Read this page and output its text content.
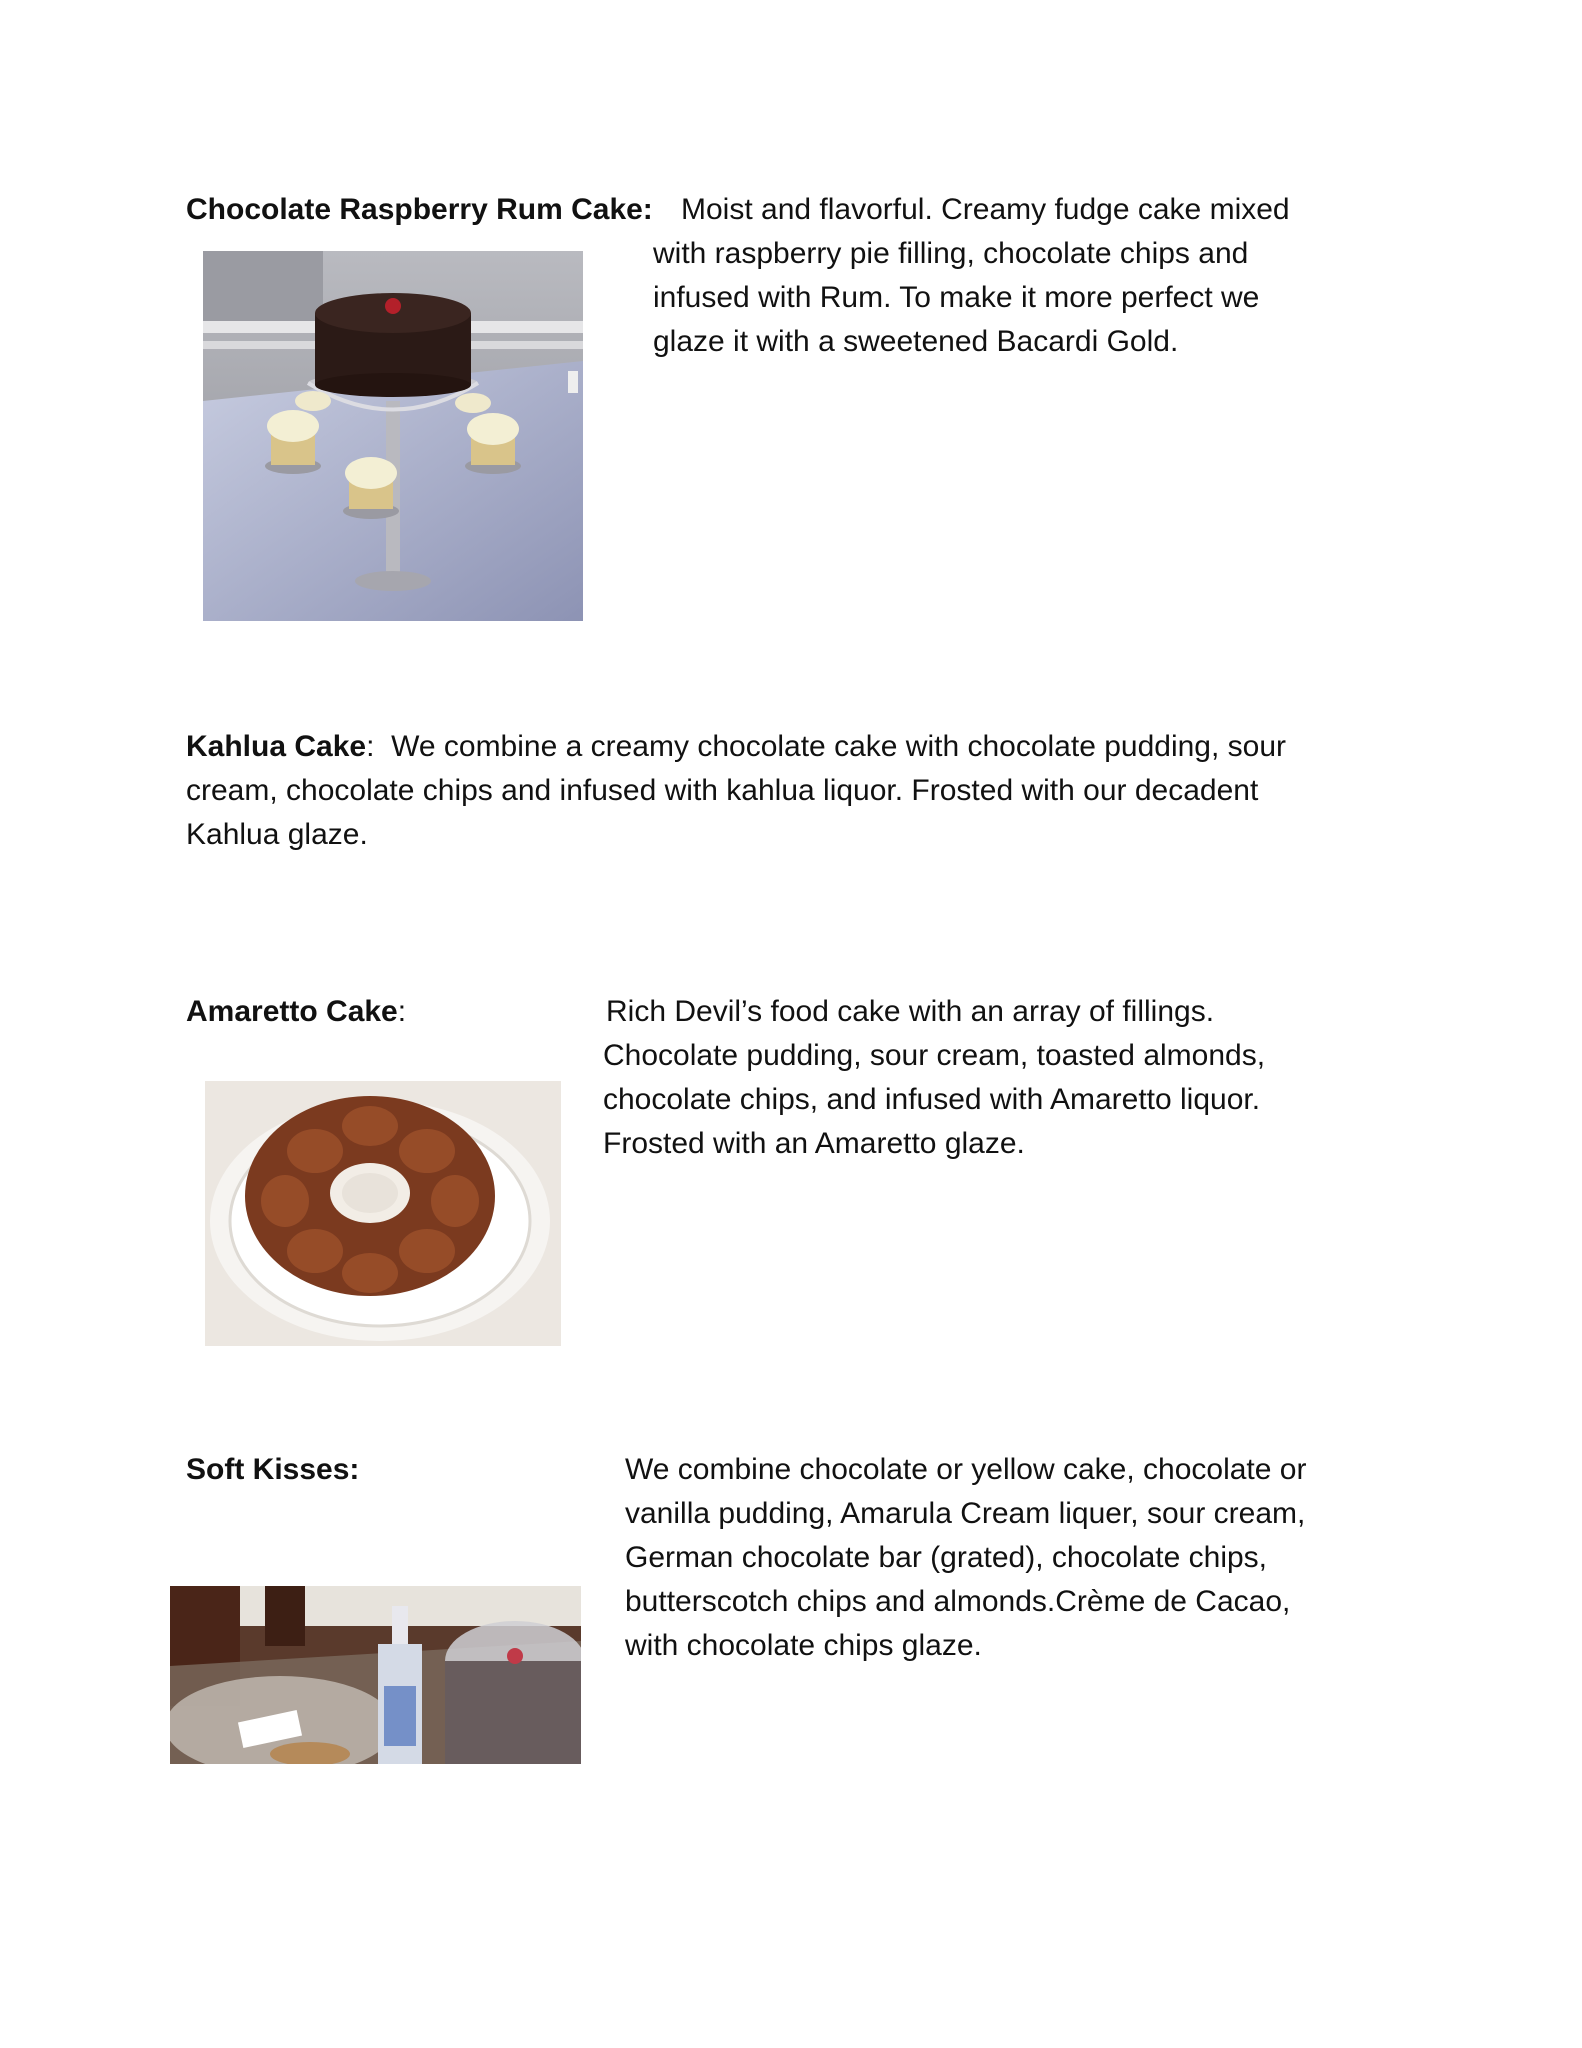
Chocolate Raspberry Rum Cake: Moist and flavorful. Creamy fudge cake mixed
with raspberry pie filling, chocolate chips and
infused with Rum. To make it more perfect we
glaze it with a sweetened Bacardi Gold.
Kahlua Cake: We combine a creamy chocolate cake with chocolate pudding, sour
cream, chocolate chips and infused with kahlua liquor. Frosted with our decadent
Kahlua glaze.
Amaretto Cake:	Rich Devil’s food cake with an array of fillings.
Chocolate pudding, sour cream, toasted almonds,
chocolate chips, and infused with Amaretto liquor.
Frosted with an Amaretto glaze.
Soft Kisses:	We combine chocolate or yellow cake, chocolate or
vanilla pudding, Amarula Cream liquer, sour cream,
German chocolate bar (grated), chocolate chips,
butterscotch chips and almonds.Crème de Cacao,
with chocolate chips glaze.
